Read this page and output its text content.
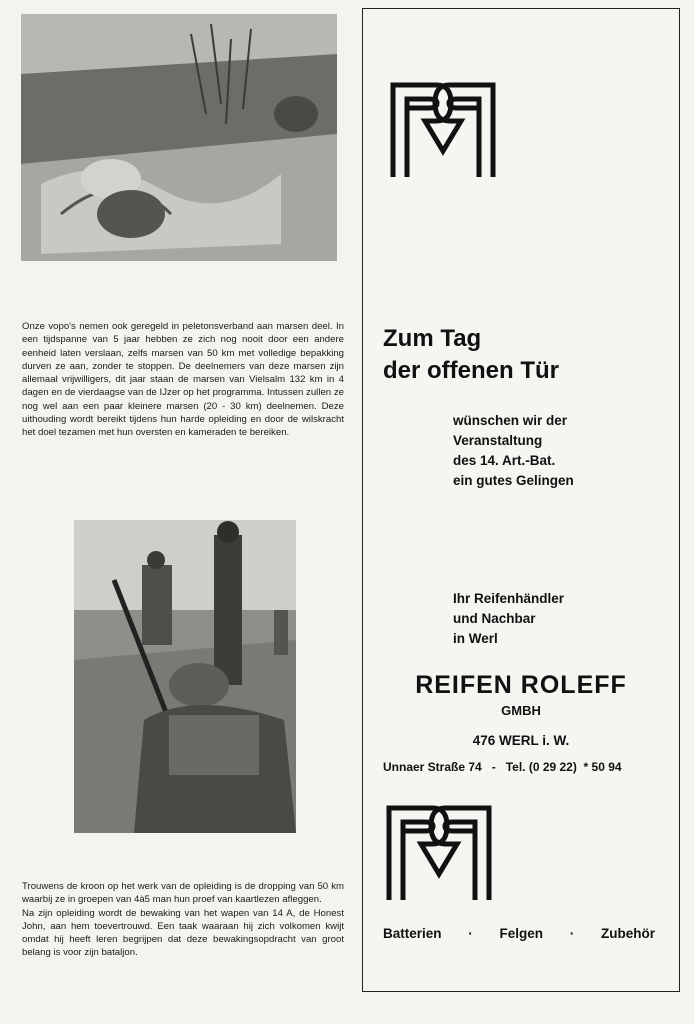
Onze vopo's nemen ook geregeld in peletonsverband aan marsen deel. In een tijdspanne van 5 jaar hebben ze zich nog nooit door een andere eenheid laten verslaan, zelfs marsen van 50 km met volledige bepakking durven ze aan, zonder te stoppen. De deelnemers van deze marsen zijn allemaal vrijwilligers, dit jaar staan de marsen van Vielsalm 132 km in 4 dagen en de vierdaagse van de IJzer op het programma. Intussen zullen ze nog wel aan een paar kleinere marsen (20 - 30 km) deelnemen. Deze uithouding wordt bereikt tijdens hun harde opleiding en door de wilskracht het doel tezamen met hun oversten en kameraden te bereiken.

Trouwens de kroon op het werk van de opleiding is de dropping van 50 km waarbij ze in groepen van 4à5 man hun proef van kaartlezen afleggen.

Na zijn opleiding wordt de bewaking van het wapen van 14 A, de Honest John, aan hem toevertrouwd. Een taak waaraan hij zich volkomen kwijt omdat hij heeft leren begrijpen dat deze bewakingsopdracht van groot belang is voor zijn bataljon.

Zum Tag
der offenen Tür
wünschen wir der
Veranstaltung
des 14. Art.-Bat.
ein gutes Gelingen
Ihr Reifenhändler
und Nachbar
in Werl
REIFEN ROLEFF
GMBH
476 WERL i. W.
Unnaer Straße 74   -   Tel. (0 29 22)  * 50 94
Batterien · Felgen · Zubehör
